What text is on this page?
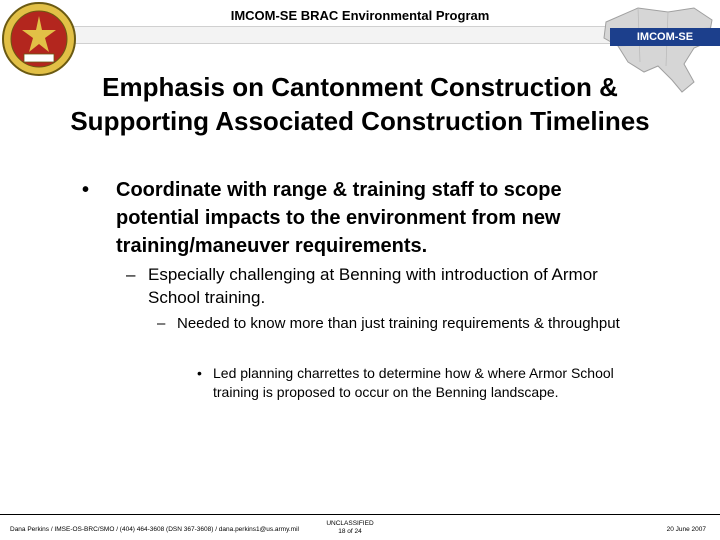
IMCOM-SE BRAC Environmental Program
IMCOM-SE
Emphasis on Cantonment Construction &
Supporting Associated Construction Timelines
•	Coordinate with range & training staff to scope potential impacts to the environment from new training/maneuver requirements.
– Especially challenging at Benning with introduction of Armor School training.
– Needed to know more than just training requirements & throughput
• Led planning charrettes to determine how & where Armor School training is proposed to occur on the Benning landscape.
Dana Perkins / IMSE-OS-BRC/SMO / (404) 464-3608 (DSN 367-3608) / dana.perkins1@us.army.mil
UNCLASSIFIED
18 of 24	20 June 2007
